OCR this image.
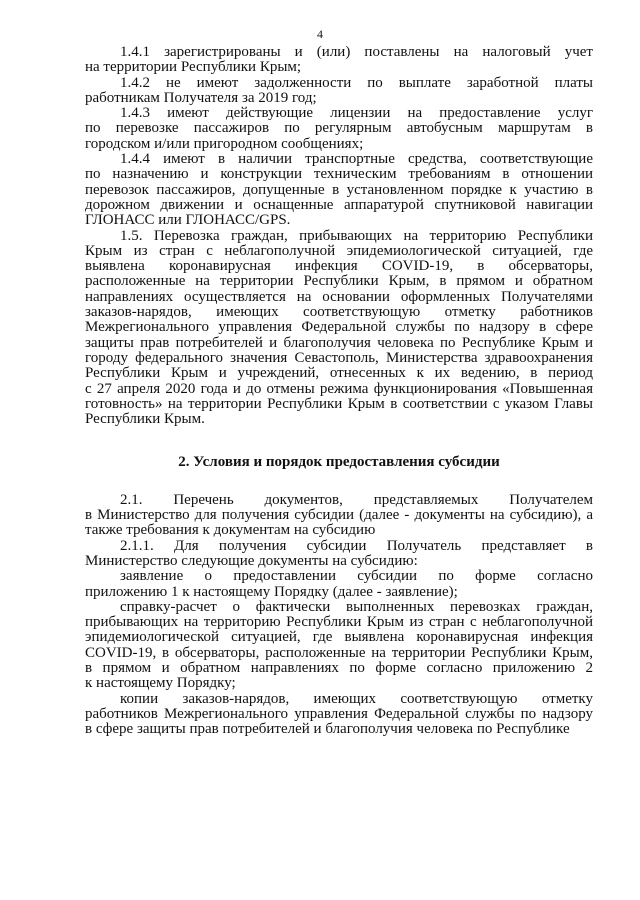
4

1.4.1 зарегистрированы и (или) поставлены на налоговый учет
на территории Республики Крым;

1.4.2 не имеют задолженности по выплате заработной платы
работникам Получателя за 2019 год;

1.4.3 имеют действующие лицензии на предоставление услуг
по перевозке пассажиров по регулярным автобусным маршрутам в
городском и/или пригородном сообщениях;

1.4.4 имеют в наличии транспортные средства, соответствующие
по назначению и конструкции техническим требованиям в отношении
перевозок пассажиров, допущенные в установленном порядке к участию в
дорожном движении и оснащенные аппаратурой спутниковой навигации
ГЛОНАСС или ГЛОНАСС/GPS.

1.5. Перевозка граждан, прибывающих на территорию Республики
Крым из стран с неблагополучной эпидемиологической ситуацией, где
выявлена коронавирусная инфекция COVID-19, в обсерваторы,
расположенные на территории Республики Крым, в прямом и обратном
направлениях осуществляется на основании оформленных Получателями
заказов-нарядов, имеющих соответствующую отметку работников
Межрегионального управления Федеральной службы по надзору в сфере
защиты прав потребителей и благополучия человека по Республике Крым и
городу федерального значения Севастополь, Министерства здравоохранения
Республики Крым и учреждений, отнесенных к их ведению, в период
с 27 апреля 2020 года и до отмены режима функционирования «Повышенная
готовность» на территории Республики Крым в соответствии с указом Главы
Республики Крым.

2. Условия и порядок предоставления субсидии

2.1. Перечень документов, представляемых Получателем
в Министерство для получения субсидии (далее - документы на субсидию), а
также требования к документам на субсидию

2.1.1. Для получения субсидии Получатель представляет в
Министерство следующие документы на субсидию:

заявление о предоставлении субсидии по форме согласно
приложению 1 к настоящему Порядку (далее - заявление);

справку-расчет о фактически выполненных перевозках граждан,
прибывающих на территорию Республики Крым из стран с неблагополучной
эпидемиологической ситуацией, где выявлена коронавирусная инфекция
COVID-19, в обсерваторы, расположенные на территории Республики Крым,
в прямом и обратном направлениях по форме согласно приложению 2
к настоящему Порядку;

копии заказов-нарядов, имеющих соответствующую отметку
работников Межрегионального управления Федеральной службы по надзору
в сфере защиты прав потребителей и благополучия человека по Республике
